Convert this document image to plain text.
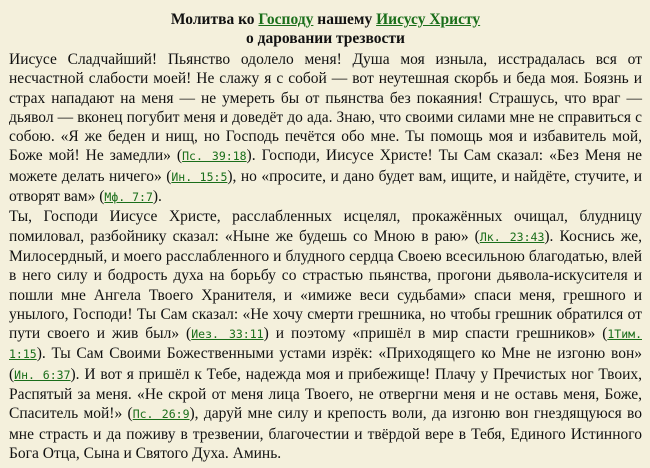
Молитва ко Господу нашему Иисусу Христу
о даровании трезвости
Иисусе Сладчайший! Пьянство одолело меня! Душа моя изныла, исстрадалась вся от несчастной слабости моей! Не слажу я с собой — вот неутешная скорбь и беда моя. Боязнь и страх нападают на меня — не умереть бы от пьянства без покаяния! Страшусь, что враг — дьявол — вконец погубит меня и доведёт до ада. Знаю, что своими силами мне не справиться с собою. «Я же беден и нищ, но Господь печётся обо мне. Ты помощь моя и избавитель мой, Боже мой! Не замедли» (Пс. 39:18). Господи, Иисусе Христе! Ты Сам сказал: «Без Меня не можете делать ничего» (Ин. 15:5), но «просите, и дано будет вам, ищите, и найдёте, стучите, и отворят вам» (Мф. 7:7).
Ты, Господи Иисусе Христе, расслабленных исцелял, прокажённых очищал, блудницу помиловал, разбойнику сказал: «Ныне же будешь со Мною в раю» (Лк. 23:43). Коснись же, Милосердный, и моего расслабленного и блудного сердца Своею всесильною благодатью, влей в него силу и бодрость духа на борьбу со страстью пьянства, прогони дьявола-искусителя и пошли мне Ангела Твоего Хранителя, и «имиже веси судьбами» спаси меня, грешного и унылого, Господи! Ты Сам сказал: «Не хочу смерти грешника, но чтобы грешник обратился от пути своего и жив был» (Иез. 33:11) и поэтому «пришёл в мир спасти грешников» (1Тим. 1:15). Ты Сам Своими Божественными устами изрёк: «Приходящего ко Мне не изгоню вон» (Ин. 6:37). И вот я пришёл к Тебе, надежда моя и прибежище! Плачу у Пречистых ног Твоих, Распятый за меня. «Не скрой от меня лица Твоего, не отвергни меня и не оставь меня, Боже, Спаситель мой!» (Пс. 26:9), даруй мне силу и крепость воли, да изгоню вон гнездящуюся во мне страсть и да поживу в трезвении, благочестии и твёрдой вере в Тебя, Единого Истинного Бога Отца, Сына и Святого Духа. Аминь.
